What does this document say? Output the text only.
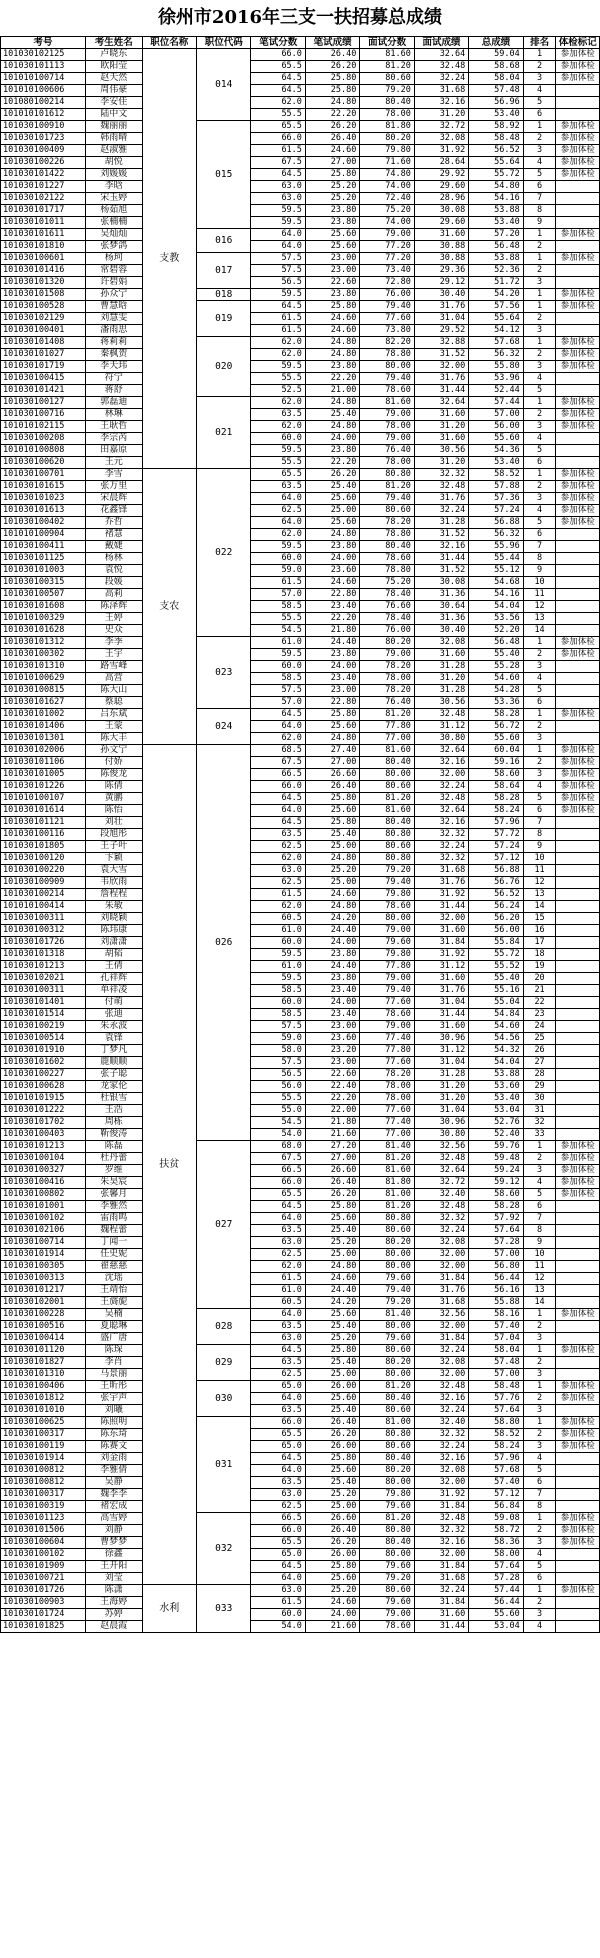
徐州市2016年三支一扶招募总成绩
考号	考生姓名	职位名称	职位代码	笔试分数	笔试成绩	面试分数	面试成绩	总成绩	排名	体检标记
101030102125	卢晓东	支教	014	66.0	26.40	81.60	32.64	59.04	1	参加体检
101030101113	欧阳莹			65.5	26.20	81.20	32.48	58.68	2	参加体检
101010100714	赵天然			64.5	25.80	80.60	32.24	58.04	3	参加体检
101010100606	周伟豪			64.5	25.80	79.20	31.68	57.48	4	
101080100214	李安佳			62.0	24.80	80.40	32.16	56.96	5	
101010101612	陆中文			55.5	22.20	78.00	31.20	53.40	6	
101030100910	魏丽丽		015	65.5	26.20	81.80	32.72	58.92	1	参加体检
101030101723	韩雨晴			66.0	26.40	80.20	32.08	58.48	2	参加体检
101030100409	赵淑雅			61.5	24.60	79.80	31.92	56.52	3	参加体检
101030100226	胡悦			67.5	27.00	71.60	28.64	55.64	4	参加体检
101030101422	刘媛媛			64.5	25.80	74.80	29.92	55.72	5	参加体检
101030101227	李晗			63.0	25.20	74.00	29.60	54.80	6	
101030102122	宋玉婷			63.0	25.20	72.40	28.96	54.16	7	
101030101717	杨茹旭			59.5	23.80	75.20	30.08	53.88	8	
101030101011	张楠楠			59.5	23.80	74.00	29.60	53.40	9	
101030101611	吴灿灿		016	64.0	25.60	79.00	31.60	57.20	1	参加体检
101030101810	张梦鸽			64.0	25.60	77.20	30.88	56.48	2	
101030100601	杨珂		017	57.5	23.00	77.20	30.88	53.88	1	参加体检
101030101416	常碧蓉			57.5	23.00	73.40	29.36	52.36	2	
101030101320	许碧娟			56.5	22.60	72.80	29.12	51.72	3	
101030101508	孙众宁		018	59.5	23.80	76.00	30.40	54.20	1	参加体检
101030100528	曹慧晗		019	64.5	25.80	79.40	31.76	57.56	1	参加体检
101030102129	刘慧雯			61.5	24.60	77.60	31.04	55.64	2	
101030100401	潘雨思			61.5	24.60	73.80	29.52	54.12	3	
101030101408	蒋莉莉		020	62.0	24.80	82.20	32.88	57.68	1	参加体检
101030101027	秦枫贺			62.0	24.80	78.80	31.52	56.32	2	参加体检
101030101719	李天玮			59.5	23.80	80.00	32.00	55.80	3	参加体检
101030100415	符宁			55.5	22.20	79.40	31.76	53.96	4	
101030101421	蒋舒			52.5	21.00	78.60	31.44	52.44	5	
101030100127	郭磊迪		021	62.0	24.80	81.60	32.64	57.44	1	参加体检
101030100716	林琳			63.5	25.40	79.00	31.60	57.00	2	参加体检
101010102115	王耿哲			62.0	24.80	78.00	31.20	56.00	3	参加体检
101030100208	李宗芮			60.0	24.00	79.00	31.60	55.60	4	
101010100808	田嘉原			59.5	23.80	76.40	30.56	54.36	5	
101030100620	王元			55.5	22.20	78.00	31.20	53.40	6	
101030100701	李雪	支农	022	65.5	26.20	80.80	32.32	58.52	1	参加体检
101030101615	张万里			63.5	25.40	81.20	32.48	57.88	2	参加体检
101030101023	宋晨辉			64.0	25.60	79.40	31.76	57.36	3	参加体检
101030101613	花鑫锋			62.5	25.00	80.60	32.24	57.24	4	参加体检
101030100402	乔哲			64.0	25.60	78.20	31.28	56.88	5	参加体检
101010100904	褚慧			62.0	24.80	78.80	31.52	56.32	6	
101030100411	戴婕			59.5	23.80	80.40	32.16	55.96	7	
101030101125	杨林			60.0	24.00	78.60	31.44	55.44	8	
101030101003	袁悦			59.0	23.60	78.80	31.52	55.12	9	
101030100315	段媛			61.5	24.60	75.20	30.08	54.68	10	
101030100507	高莉			57.0	22.80	78.40	31.36	54.16	11	
101030101608	陈泽辉			58.5	23.40	76.60	30.64	54.04	12	
101010100329	王婷			55.5	22.20	78.40	31.36	53.56	13	
101030101628	史众			54.5	21.80	76.00	30.40	52.20	14	
101030101312	李季		023	61.0	24.40	80.20	32.08	56.48	1	参加体检
101030100302	王宇			59.5	23.80	79.00	31.60	55.40	2	参加体检
101030101310	路雪峰			60.0	24.00	78.20	31.28	55.28	3	
101010100629	高营			58.5	23.40	78.00	31.20	54.60	4	
101030100815	陈大山			57.5	23.00	78.20	31.28	54.28	5	
101030101627	蔡聪			57.0	22.80	76.40	30.56	53.36	6	
101030101002	吕东斌		024	64.5	25.80	81.20	32.48	58.28	1	参加体检
101030101406	王蒙			64.0	25.60	77.80	31.12	56.72	2	
101030101301	陈大丰			62.0	24.80	77.00	30.80	55.60	3	
101030102006	孙文宁	扶贫	026	68.5	27.40	81.60	32.64	60.04	1	参加体检
101030101106	付娇			67.5	27.00	80.40	32.16	59.16	2	参加体检
101030101005	陈俊龙			66.5	26.60	80.00	32.00	58.60	3	参加体检
101030101226	陈倩			66.0	26.40	80.60	32.24	58.64	4	参加体检
101010100107	黄鹏			64.5	25.80	81.20	32.48	58.28	5	参加体检
101030101614	陈怡			64.0	25.60	81.60	32.64	58.24	6	参加体检
101030101121	刘壮			64.5	25.80	80.40	32.16	57.96	7	
101030100116	段旭彤			63.5	25.40	80.80	32.32	57.72	8	
101030101805	王子叶			62.5	25.00	80.60	32.24	57.24	9	
101030100120	卞颖			62.0	24.80	80.80	32.32	57.12	10	
101030100220	袁大雪			63.0	25.20	79.20	31.68	56.88	11	
101030100909	韦欣雨			62.5	25.00	79.40	31.76	56.76	12	
101030100214	詹程程			61.5	24.60	79.80	31.92	56.52	13	
101010100414	朱敏			62.0	24.80	78.60	31.44	56.24	14	
101030100311	刘晓颖			60.5	24.20	80.00	32.00	56.20	15	
101030100312	陈玮康			61.0	24.40	79.00	31.60	56.00	16	
101030101726	刘潇潇			60.0	24.00	79.60	31.84	55.84	17	
101030101318	胡韬			59.5	23.80	79.80	31.92	55.72	18	
101030101213	王倩			61.0	24.40	77.80	31.12	55.52	19	
101030102021	孔祥辉			59.5	23.80	79.00	31.60	55.40	20	
101030100311	单祥凌			58.5	23.40	79.40	31.76	55.16	21	
101030101401	付萌			60.0	24.00	77.60	31.04	55.04	22	
101030101514	张迪			58.5	23.40	78.60	31.44	54.84	23	
101030100219	朱永波			57.5	23.00	79.00	31.60	54.60	24	
101030100514	袁锋			59.0	23.60	77.40	30.96	54.56	25	
101030101910	丁梦凡			58.0	23.20	77.80	31.12	54.32	26	
101030101602	鹿顺顺			57.5	23.00	77.60	31.04	54.04	27	
101030100227	张子聪			56.5	22.60	78.20	31.28	53.88	28	
101030100628	龙家伦			56.0	22.40	78.00	31.20	53.60	29	
101010101915	杜银雪			55.5	22.20	78.00	31.20	53.40	30	
101030101222	王浩			55.0	22.00	77.60	31.04	53.04	31	
101030101702	周栋			54.5	21.80	77.40	30.96	52.76	32	
101030100403	靳俊涛			54.0	21.60	77.00	30.80	52.40	33	
101030101213	陈磊		027	68.0	27.20	81.40	32.56	59.76	1	参加体检
101030100104	杜丹蕾			67.5	27.00	81.20	32.48	59.48	2	参加体检
101030100327	罗维			66.5	26.60	81.60	32.64	59.24	3	参加体检
101030100416	朱昊宸			66.0	26.40	81.80	32.72	59.12	4	参加体检
101030100802	张馨月			65.5	26.20	81.00	32.40	58.60	5	参加体检
101030101001	李雅然			64.5	25.80	81.20	32.48	58.28	6	
101030100102	雷雨鸣			64.0	25.60	80.80	32.32	57.92	7	
101030102106	魏程蕾			63.5	25.40	80.60	32.24	57.64	8	
101030100714	丁闻一			63.0	25.20	80.20	32.08	57.28	9	
101030101914	任史妮			62.5	25.00	80.00	32.00	57.00	10	
101030100305	翟慈慈			62.0	24.80	80.00	32.00	56.80	11	
101030100313	沈瑶			61.5	24.60	79.60	31.84	56.44	12	
101030101217	王靖怡			61.0	24.40	79.40	31.76	56.16	13	
101030102001	王旖旎			60.5	24.20	79.20	31.68	55.88	14	
101030100228	吴楠		028	64.0	25.60	81.40	32.56	58.16	1	参加体检
101030100516	夏聪琳			63.5	25.40	80.00	32.00	57.40	2	
101030100414	盛广唐			63.0	25.20	79.60	31.84	57.04	3	
101030101120	陈琛		029	64.5	25.80	80.60	32.24	58.04	1	参加体检
101030101827	李肖			63.5	25.40	80.20	32.08	57.48	2	
101030101310	马景丽			62.5	25.00	80.00	32.00	57.00	3	
101030100406	王昕彤		030	65.0	26.00	81.20	32.48	58.48	1	参加体检
101030101812	张宇声			64.0	25.60	80.40	32.16	57.76	2	参加体检
101030101010	刘曦			63.5	25.40	80.60	32.24	57.64	3	
101030100625	陈照明		031	66.0	26.40	81.00	32.40	58.80	1	参加体检
101030100317	陈东琦			65.5	26.20	80.80	32.32	58.52	2	参加体检
101030100119	陈赛文			65.0	26.00	80.60	32.24	58.24	3	参加体检
101030101914	刘金雨			64.5	25.80	80.40	32.16	57.96	4	
101030100812	李雅倩			64.0	25.60	80.20	32.08	57.68	5	
101030100812	吴静			63.5	25.40	80.00	32.00	57.40	6	
101030100317	魏李李			63.0	25.20	79.80	31.92	57.12	7	
101030100319	褚宏成			62.5	25.00	79.60	31.84	56.84	8	
101030101123	高雪婷		032	66.5	26.60	81.20	32.48	59.08	1	参加体检
101030101506	刘静			66.0	26.40	80.80	32.32	58.72	2	参加体检
101030100604	曹梦梦			65.5	26.20	80.40	32.16	58.36	3	参加体检
101030100102	徐鑫			65.0	26.00	80.00	32.00	58.00	4	
101030101909	王开阳			64.5	25.80	79.60	31.84	57.64	5	
101030100721	刘莹			64.0	25.60	79.20	31.68	57.28	6	
101030101726	陈潇	水利	033	63.0	25.20	80.60	32.24	57.44	1	参加体检
101030100903	王海婷			61.5	24.60	79.60	31.84	56.44	2	
101030101724	苏婷			60.0	24.00	79.00	31.60	55.60	3	
101030101825	赵晨霞			54.0	21.60	78.60	31.44	53.04	4	
